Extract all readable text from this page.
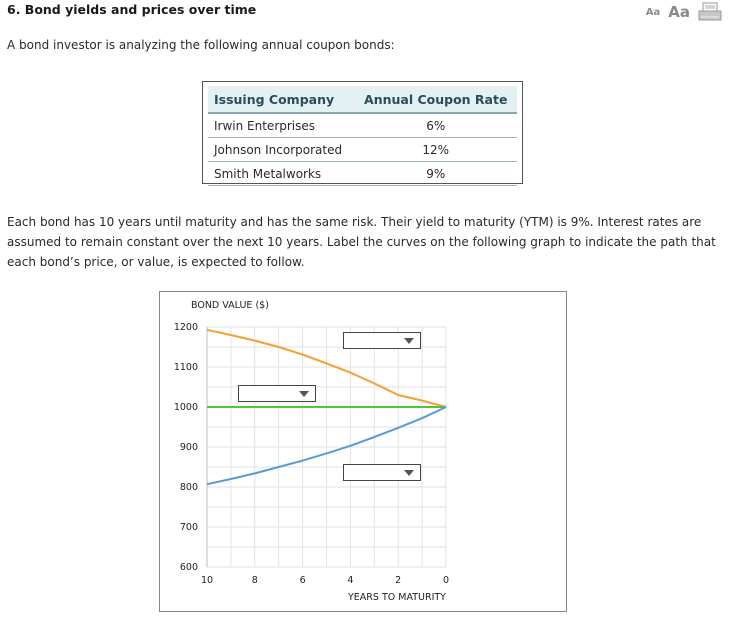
6. Bond yields and prices over time	Aa Aa
A bond investor is analyzing the following annual coupon bonds:
Issuing Company	Annual Coupon Rate
Irwin Enterprises	6%
Johnson Incorporated	12%
Smith Metalworks	9%
Each bond has 10 years until maturity and has the same risk. Their yield to maturity (YTM) is 9%. Interest rates are assumed to remain constant over the next 10 years. Label the curves on the following graph to indicate the path that each bond’s price, or value, is expected to follow.
BOND VALUE ($)
YEARS TO MATURITY
1200
1100
1000
900
800
700
600
10	8	6	4	2	0
